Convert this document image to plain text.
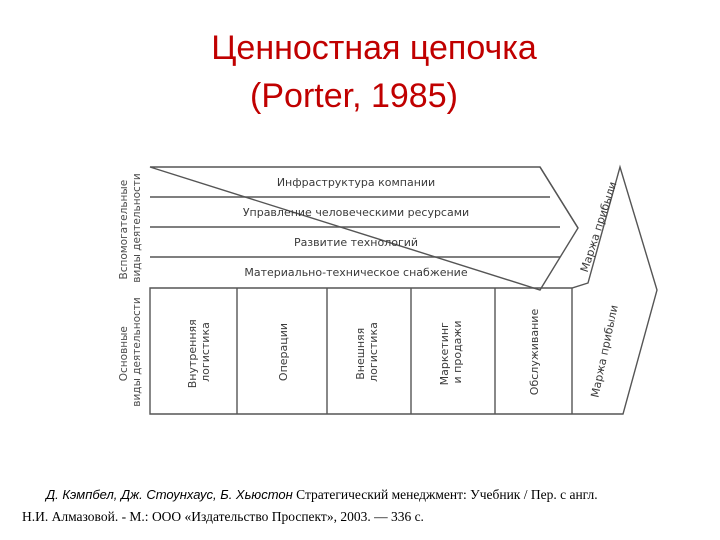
Ценностная цепочка
(Porter, 1985)
Вспомогательные виды деятельности
Основные виды деятельности
Инфраструктура компании
Управление человеческими ресурсами
Развитие технологий
Материально-техническое снабжение
Внутренняя логистика	Операции	Внешняя логистика	Маркетинг и продажи	Обслуживание
Маржа прибыли
Маржа прибыли
Д. Кэмпбел, Дж. Стоунхаус, Б. Хьюстон Стратегический менеджмент: Учебник / Пер. с англ.
Н.И. Алмазовой. - М.: ООО «Издательство Проспект», 2003. — 336 с.
